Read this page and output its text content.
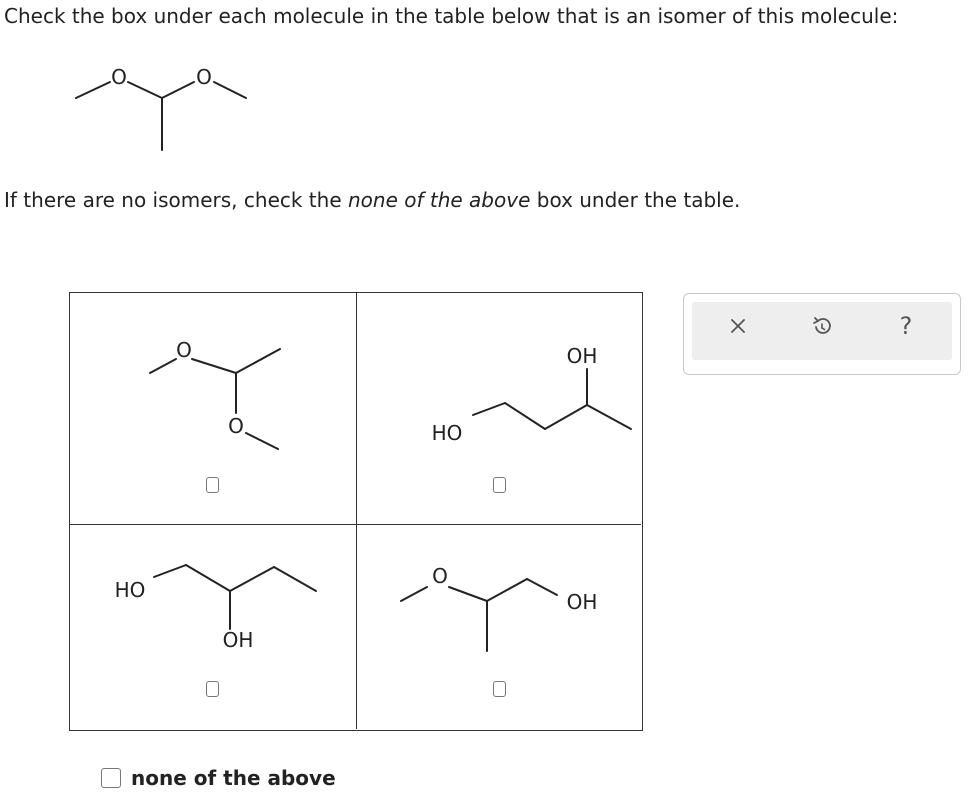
Check the box under each molecule in the table below that is an isomer of this molecule:
O	O
If there are no isomers, check the none of the above box under the table.
O
O	HO
OH
HO
OH
O
OH
none of the above
?
